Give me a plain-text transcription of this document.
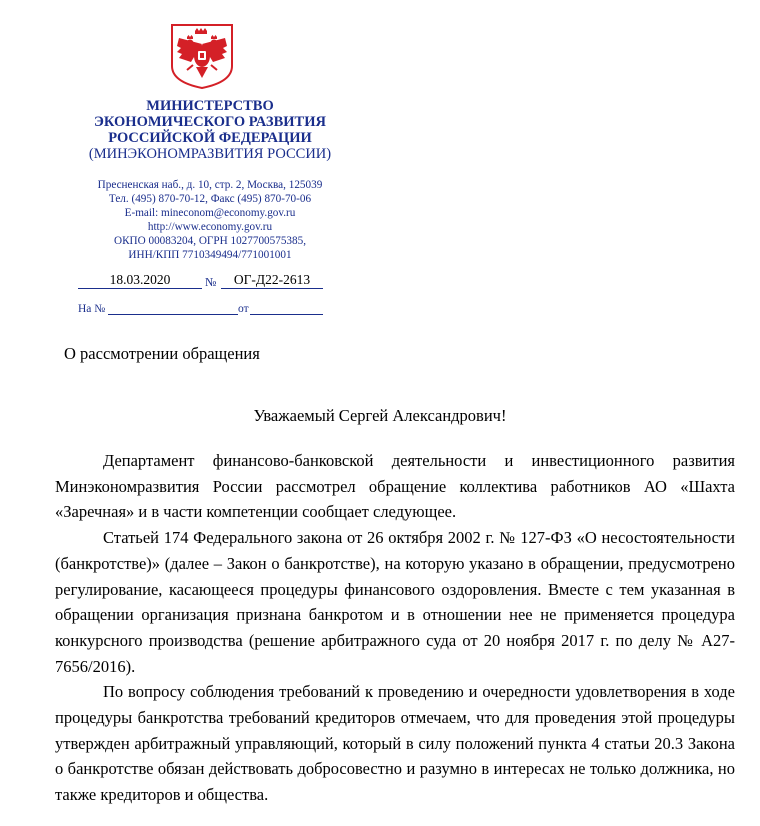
МИНИСТЕРСТВО
ЭКОНОМИЧЕСКОГО РАЗВИТИЯ
РОССИЙСКОЙ ФЕДЕРАЦИИ
(МИНЭКОНОМРАЗВИТИЯ РОССИИ)
Пресненская наб., д. 10, стр. 2, Москва, 125039
Тел. (495) 870-70-12, Факс (495) 870-70-06
E-mail: mineconom@economy.gov.ru
http://www.economy.gov.ru
ОКПО 00083204, ОГРН 1027700575385,
ИНН/КПП 7710349494/771001001
18.03.2020	№	ОГ-Д22-2613
На №	от
О рассмотрении обращения
Уважаемый Сергей Александрович!

Департамент финансово-банковской деятельности и инвестиционного развития Минэкономразвития России рассмотрел обращение коллектива работников АО «Шахта «Заречная» и в части компетенции сообщает следующее.

Статьей 174 Федерального закона от 26 октября 2002 г. № 127-ФЗ «О несостоятельности (банкротстве)» (далее – Закон о банкротстве), на которую указано в обращении, предусмотрено регулирование, касающееся процедуры финансового оздоровления. Вместе с тем указанная в обращении организация признана банкротом и в отношении нее не применяется процедура конкурсного производства (решение арбитражного суда от 20 ноября 2017 г. по делу № А27-7656/2016).

По вопросу соблюдения требований к проведению и очередности удовлетворения в ходе процедуры банкротства требований кредиторов отмечаем, что для проведения этой процедуры утвержден арбитражный управляющий, который в силу положений пункта 4 статьи 20.3 Закона о банкротстве обязан действовать добросовестно и разумно в интересах не только должника, но также кредиторов и общества.
